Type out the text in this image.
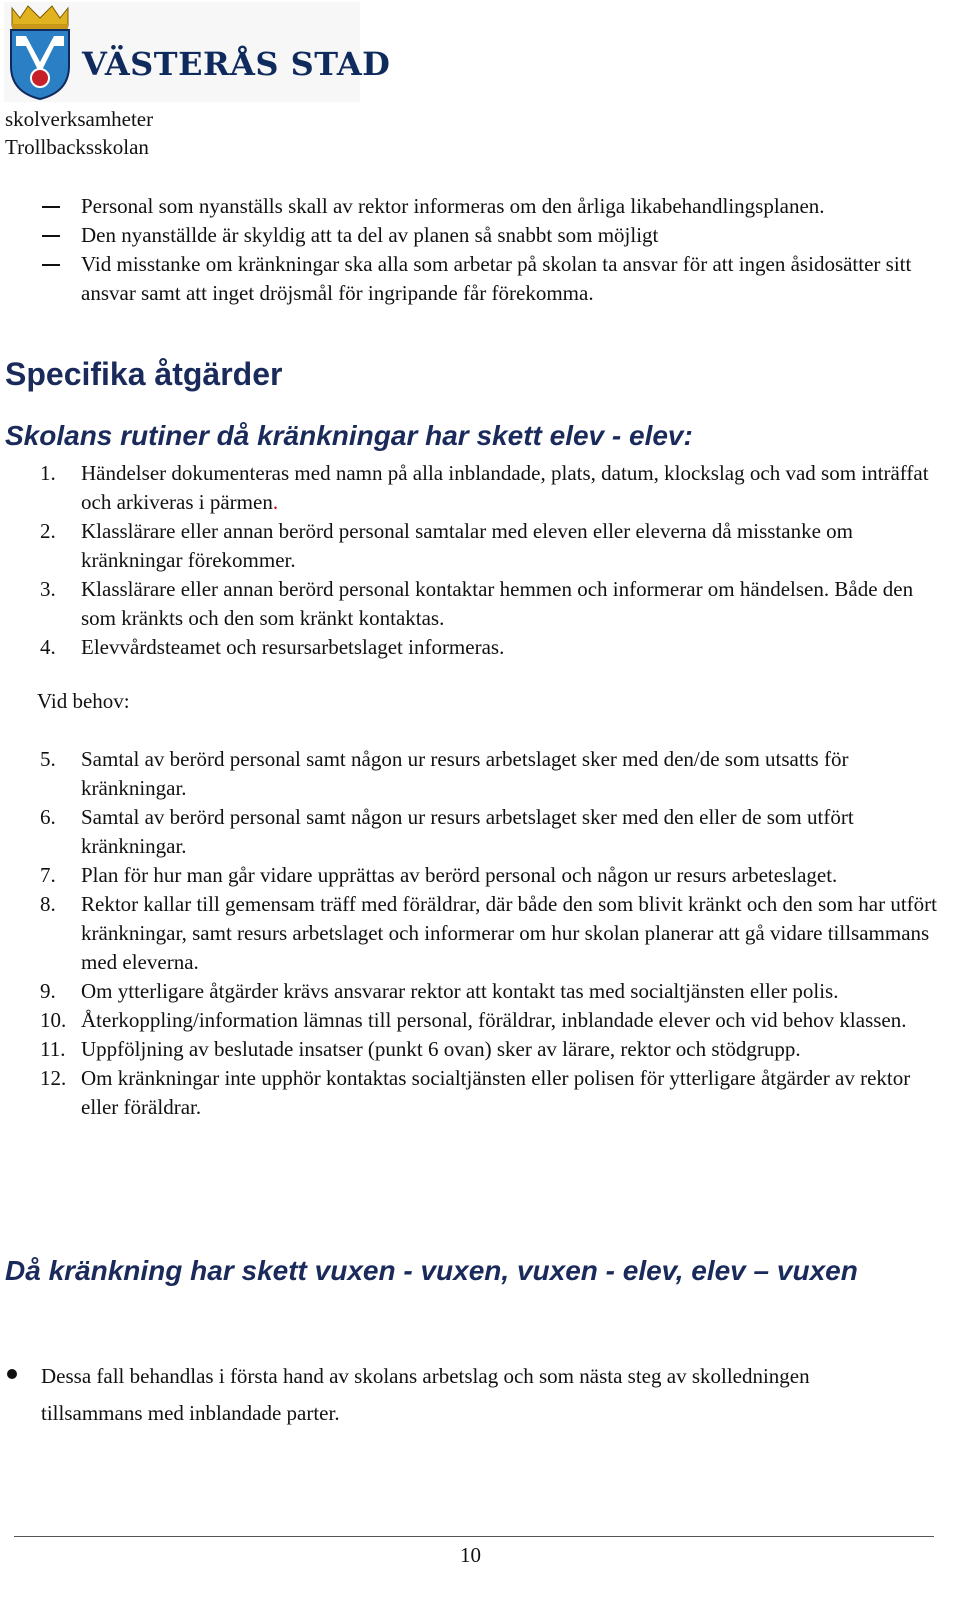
VÄSTERÅS STAD
skolverksamheter
Trollbacksskolan
Personal som nyanställs skall av rektor informeras om den årliga likabehandlingsplanen.
Den nyanställde är skyldig att ta del av planen så snabbt som möjligt
Vid misstanke om kränkningar ska alla som arbetar på skolan ta ansvar för att ingen åsidosätter sitt ansvar samt att inget dröjsmål för ingripande får förekomma.
Specifika åtgärder
Skolans rutiner då kränkningar har skett elev - elev:
1. Händelser dokumenteras med namn på alla inblandade, plats, datum, klockslag och vad som inträffat och arkiveras i pärmen.
2. Klasslärare eller annan berörd personal samtalar med eleven eller eleverna då misstanke om kränkningar förekommer.
3. Klasslärare eller annan berörd personal kontaktar hemmen och informerar om händelsen. Både den som kränkts och den som kränkt kontaktas.
4. Elevvårdsteamet och resursarbetslaget informeras.
Vid behov:
5. Samtal av berörd personal samt någon ur resurs arbetslaget sker med den/de som utsatts för kränkningar.
6. Samtal av berörd personal samt någon ur resurs arbetslaget sker med den eller de som utfört kränkningar.
7. Plan för hur man går vidare upprättas av berörd personal och någon ur resurs arbeteslaget.
8. Rektor kallar till gemensam träff med föräldrar, där både den som blivit kränkt och den som har utfört kränkningar, samt resurs arbetslaget och informerar om hur skolan planerar att gå vidare tillsammans med eleverna.
9. Om ytterligare åtgärder krävs ansvarar rektor att kontakt tas med socialtjänsten eller polis.
10. Återkoppling/information lämnas till personal, föräldrar, inblandade elever och vid behov klassen.
11. Uppföljning av beslutade insatser (punkt 6 ovan) sker av lärare, rektor och stödgrupp.
12. Om kränkningar inte upphör kontaktas socialtjänsten eller polisen för ytterligare åtgärder av rektor eller föräldrar.
Då kränkning har skett vuxen - vuxen, vuxen - elev, elev – vuxen
Dessa fall behandlas i första hand av skolans arbetslag och som nästa steg av skolledningen tillsammans med inblandade parter.
10
